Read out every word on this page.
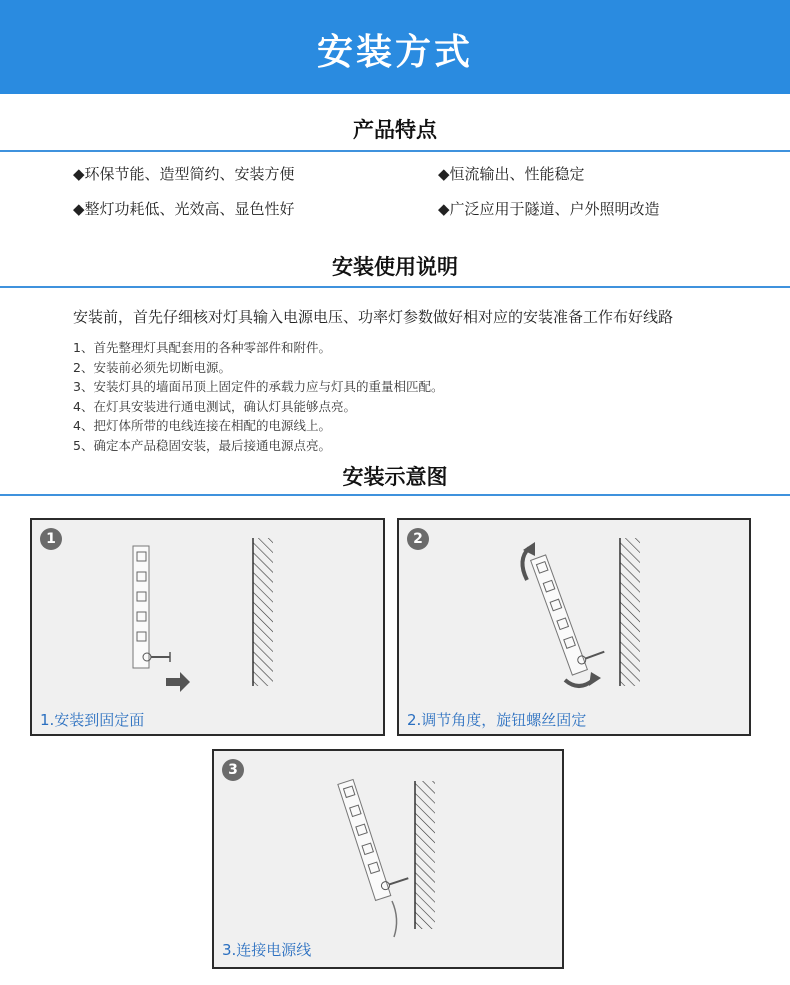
安装方式
产品特点
◆环保节能、造型简约、安装方便	◆恒流输出、性能稳定
◆整灯功耗低、光效高、显色性好	◆广泛应用于隧道、户外照明改造
安装使用说明
安装前，首先仔细核对灯具输入电源电压、功率灯参数做好相对应的安装准备工作布好线路
1、首先整理灯具配套用的各种零部件和附件。
2、安装前必须先切断电源。
3、安装灯具的墙面吊顶上固定件的承载力应与灯具的重量相匹配。
4、在灯具安装进行通电测试，确认灯具能够点亮。
4、把灯体所带的电线连接在相配的电源线上。
5、确定本产品稳固安装，最后接通电源点亮。
安装示意图
1
1.安装到固定面
2
2.调节角度，旋钮螺丝固定
3
3.连接电源线
